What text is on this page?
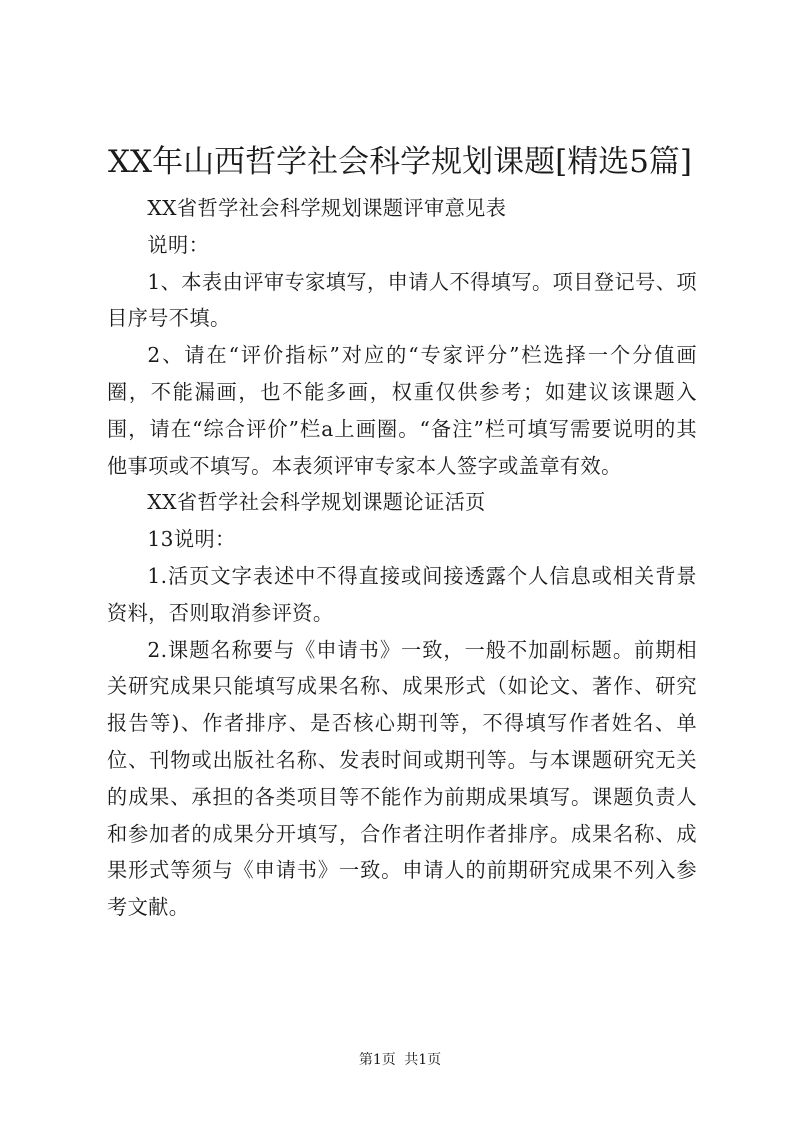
XX年山西哲学社会科学规划课题[精选5篇]

XX省哲学社会科学规划课题评审意见表

说明：

1、本表由评审专家填写，申请人不得填写。项目登记号、项目序号不填。

2、请在“评价指标”对应的“专家评分”栏选择一个分值画圈，不能漏画，也不能多画，权重仅供参考；如建议该课题入围，请在“综合评价”栏a上画圈。“备注”栏可填写需要说明的其他事项或不填写。本表须评审专家本人签字或盖章有效。

XX省哲学社会科学规划课题论证活页

13说明：

1.活页文字表述中不得直接或间接透露个人信息或相关背景资料，否则取消参评资。

2.课题名称要与《申请书》一致，一般不加副标题。前期相关研究成果只能填写成果名称、成果形式（如论文、著作、研究报告等)、作者排序、是否核心期刊等，不得填写作者姓名、单位、刊物或出版社名称、发表时间或期刊等。与本课题研究无关的成果、承担的各类项目等不能作为前期成果填写。课题负责人和参加者的成果分开填写，合作者注明作者排序。成果名称、成果形式等须与《申请书》一致。申请人的前期研究成果不列入参考文献。

第1页 共1页
